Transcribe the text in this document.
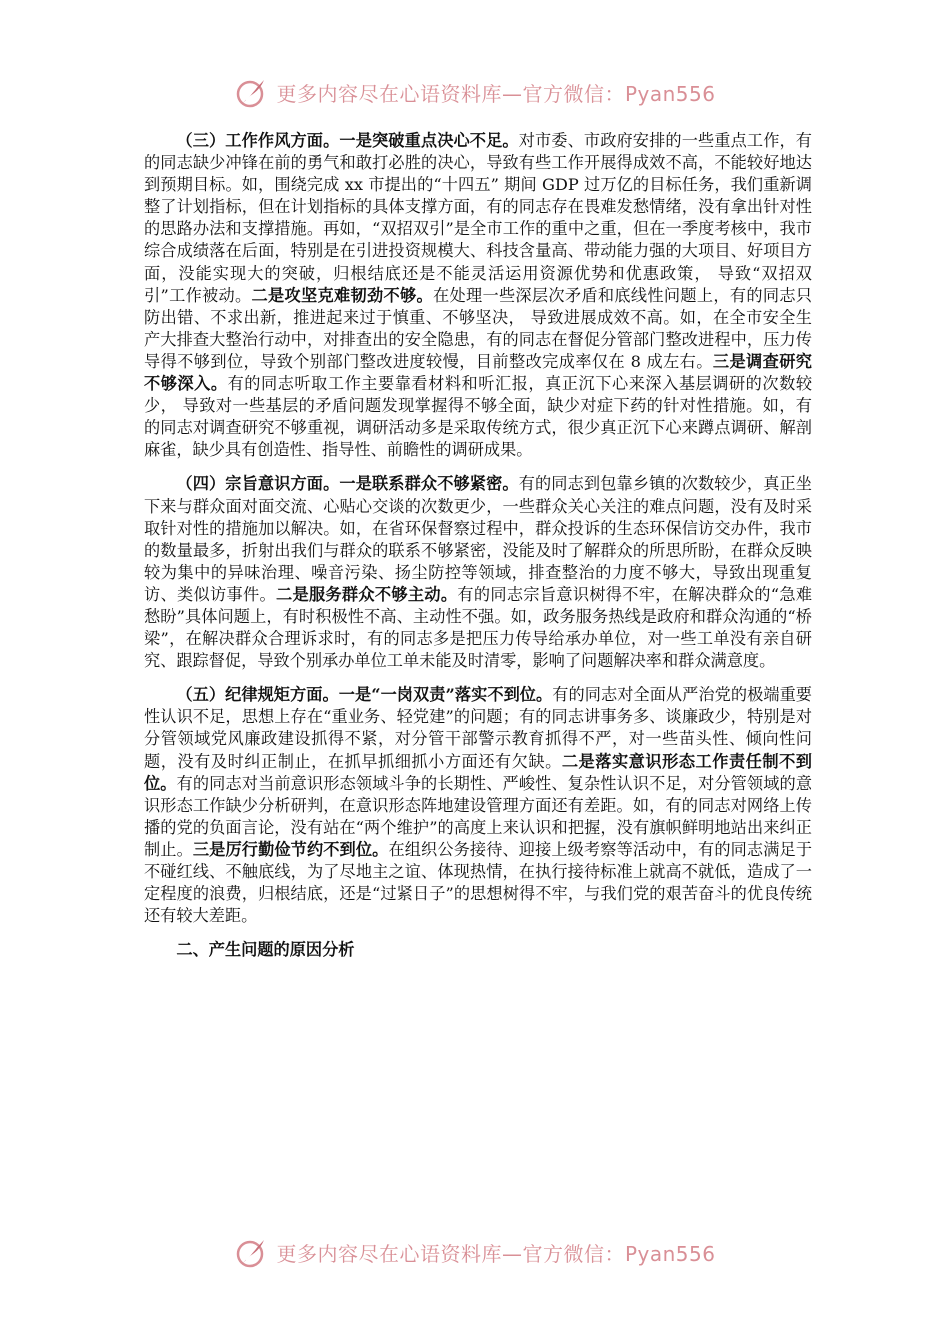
更多内容尽在心语资料库—官方微信：Pyan556

（三）工作作风方面。一是突破重点决心不足。对市委、市政府安排的一些重点工作，有的同志缺少冲锋在前的勇气和敢打必胜的决心，导致有些工作开展得成效不高，不能较好地达到预期目标。如，围绕完成 xx 市提出的“十四五” 期间 GDP 过万亿的目标任务，我们重新调整了计划指标，但在计划指标的具体支撑方面，有的同志存在畏难发愁情绪，没有拿出针对性的思路办法和支撑措施。再如，“双招双引”是全市工作的重中之重，但在一季度考核中，我市综合成绩落在后面，特别是在引进投资规模大、科技含量高、带动能力强的大项目、好项目方面，没能实现大的突破，归根结底还是不能灵活运用资源优势和优惠政策， 导致“双招双引”工作被动。二是攻坚克难韧劲不够。在处理一些深层次矛盾和底线性问题上，有的同志只防出错、不求出新，推进起来过于慎重、不够坚决， 导致进展成效不高。如，在全市安全生产大排查大整治行动中，对排查出的安全隐患，有的同志在督促分管部门整改进程中，压力传导得不够到位，导致个别部门整改进度较慢，目前整改完成率仅在 8 成左右。三是调查研究不够深入。有的同志听取工作主要靠看材料和听汇报，真正沉下心来深入基层调研的次数较少， 导致对一些基层的矛盾问题发现掌握得不够全面，缺少对症下药的针对性措施。如，有的同志对调查研究不够重视，调研活动多是采取传统方式，很少真正沉下心来蹲点调研、解剖麻雀，缺少具有创造性、指导性、前瞻性的调研成果。

（四）宗旨意识方面。一是联系群众不够紧密。有的同志到包靠乡镇的次数较少，真正坐下来与群众面对面交流、心贴心交谈的次数更少，一些群众关心关注的难点问题，没有及时采取针对性的措施加以解决。如，在省环保督察过程中，群众投诉的生态环保信访交办件，我市的数量最多，折射出我们与群众的联系不够紧密，没能及时了解群众的所思所盼，在群众反映较为集中的异味治理、噪音污染、扬尘防控等领域，排查整治的力度不够大，导致出现重复访、类似访事件。二是服务群众不够主动。有的同志宗旨意识树得不牢，在解决群众的“急难愁盼”具体问题上，有时积极性不高、主动性不强。如，政务服务热线是政府和群众沟通的“桥梁”，在解决群众合理诉求时，有的同志多是把压力传导给承办单位，对一些工单没有亲自研究、跟踪督促，导致个别承办单位工单未能及时清零，影响了问题解决率和群众满意度。

（五）纪律规矩方面。一是“一岗双责”落实不到位。有的同志对全面从严治党的极端重要性认识不足，思想上存在“重业务、轻党建”的问题；有的同志讲事务多、谈廉政少，特别是对分管领域党风廉政建设抓得不紧，对分管干部警示教育抓得不严，对一些苗头性、倾向性问题，没有及时纠正制止，在抓早抓细抓小方面还有欠缺。二是落实意识形态工作责任制不到位。有的同志对当前意识形态领域斗争的长期性、严峻性、复杂性认识不足，对分管领域的意识形态工作缺少分析研判，在意识形态阵地建设管理方面还有差距。如，有的同志对网络上传播的党的负面言论，没有站在“两个维护”的高度上来认识和把握，没有旗帜鲜明地站出来纠正制止。三是厉行勤俭节约不到位。在组织公务接待、迎接上级考察等活动中，有的同志满足于不碰红线、不触底线，为了尽地主之谊、体现热情，在执行接待标准上就高不就低，造成了一定程度的浪费，归根结底，还是“过紧日子”的思想树得不牢，与我们党的艰苦奋斗的优良传统还有较大差距。

二、产生问题的原因分析

更多内容尽在心语资料库—官方微信：Pyan556
